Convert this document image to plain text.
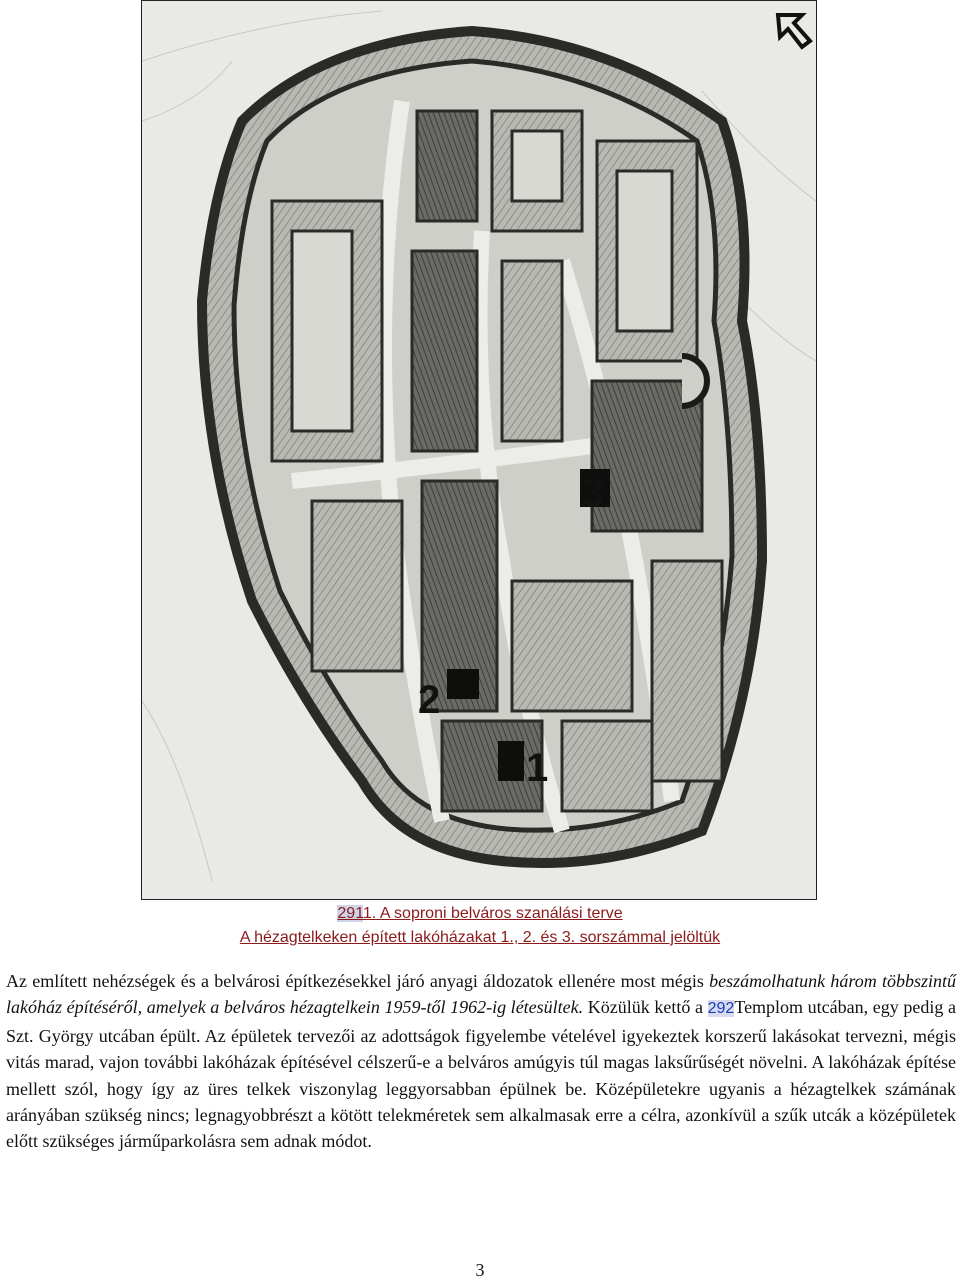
3
2
1
2911. A soproni belváros szanálási terve
A hézagtelkeken épített lakóházakat 1., 2. és 3. sorszámmal jelöltük

Az említett nehézségek és a belvárosi építkezésekkel járó anyagi áldozatok ellenére most mégis beszámolhatunk három többszintű lakóház építéséről, amelyek a belváros hézagtelkein 1959-től 1962-ig létesültek. Közülük kettő a 292Templom utcában, egy pedig a Szt. György utcában épült. Az épületek tervezői az adottságok figyelembe vételével igyekeztek korszerű lakásokat tervezni, mégis vitás marad, vajon további lakóházak építésével célszerű-e a belváros amúgyis túl magas laksűrűségét növelni. A lakóházak építése mellett szól, hogy így az üres telkek viszonylag leggyorsabban épülnek be. Középületekre ugyanis a hézagtelkek számának arányában szükség nincs; legnagyobbrészt a kötött telekméretek sem alkalmasak erre a célra, azonkívül a szűk utcák a középületek előtt szükséges járműparkolásra sem adnak módot.

3
